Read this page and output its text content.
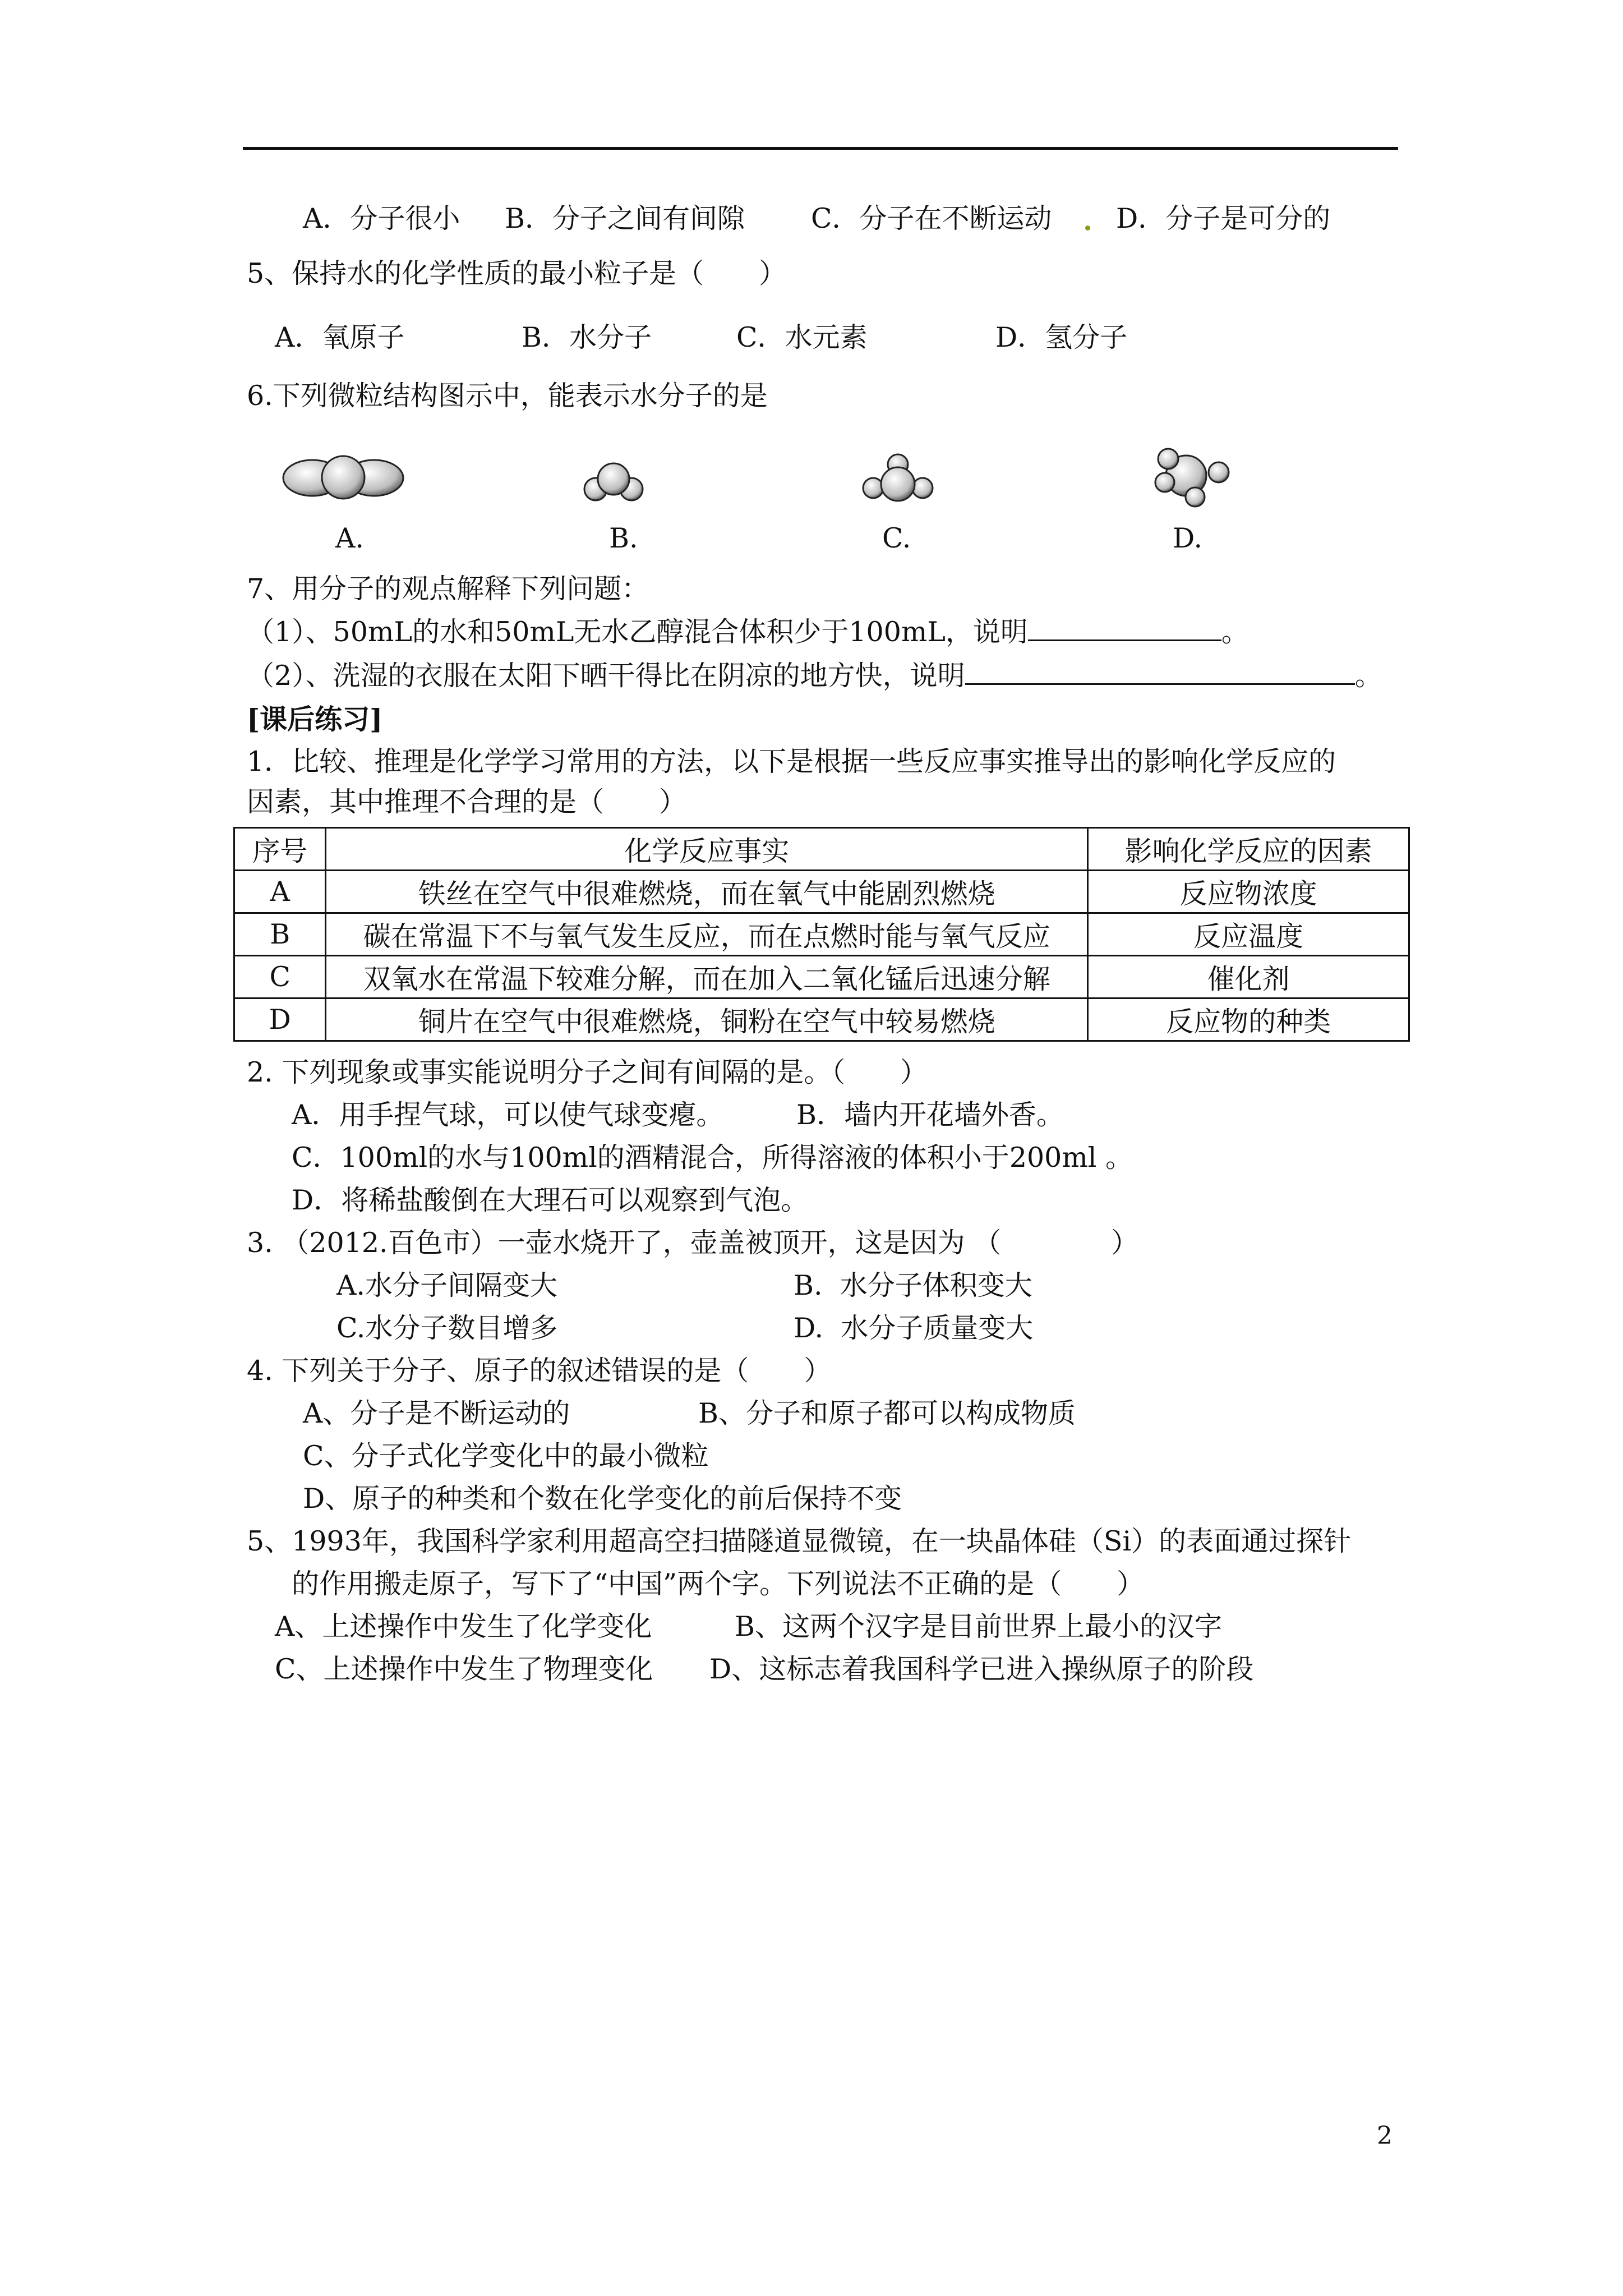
A．分子很小 B．分子之间有间隙 C．分子在不断运动 D．分子是可分的
5、保持水的化学性质的最小粒子是（　　）
A．氧原子	B．水分子	C．水元素	D．氢分子
6.下列微粒结构图示中，能表示水分子的是
A.	B.	C.	D.
7、用分子的观点解释下列问题：
（1）、50mL的水和50mL无水乙醇混合体积少于100mL，说明	。
（2）、洗湿的衣服在太阳下晒干得比在阴凉的地方快，说明	。
[课后练习]
1．比较、推理是化学学习常用的方法，以下是根据一些反应事实推导出的影响化学反应的
因素，其中推理不合理的是（　　）
序号	化学反应事实	影响化学反应的因素
A	铁丝在空气中很难燃烧，而在氧气中能剧烈燃烧	反应物浓度
B	碳在常温下不与氧气发生反应，而在点燃时能与氧气反应	反应温度
C	双氧水在常温下较难分解，而在加入二氧化锰后迅速分解	催化剂
D	铜片在空气中很难燃烧，铜粉在空气中较易燃烧	反应物的种类
2. 下列现象或事实能说明分子之间有间隔的是。（　　）
A．用手捏气球，可以使气球变瘪。	B．墙内开花墙外香。
C．100ml的水与100ml的酒精混合，所得溶液的体积小于200ml 。
D．将稀盐酸倒在大理石可以观察到气泡。
3. （2012.百色市）一壶水烧开了，壶盖被顶开，这是因为 （　　　　）
A.水分子间隔变大	B.  水分子体积变大
C.水分子数目增多	D.  水分子质量变大
4. 下列关于分子、原子的叙述错误的是（　　）
A、分子是不断运动的	B、分子和原子都可以构成物质
C、分子式化学变化中的最小微粒
D、原子的种类和个数在化学变化的前后保持不变
5、1993年，我国科学家利用超高空扫描隧道显微镜，在一块晶体硅（Si）的表面通过探针
的作用搬走原子，写下了“中国”两个字。下列说法不正确的是（　　）
A、上述操作中发生了化学变化	B、这两个汉字是目前世界上最小的汉字
C、上述操作中发生了物理变化 D、这标志着我国科学已进入操纵原子的阶段
2
